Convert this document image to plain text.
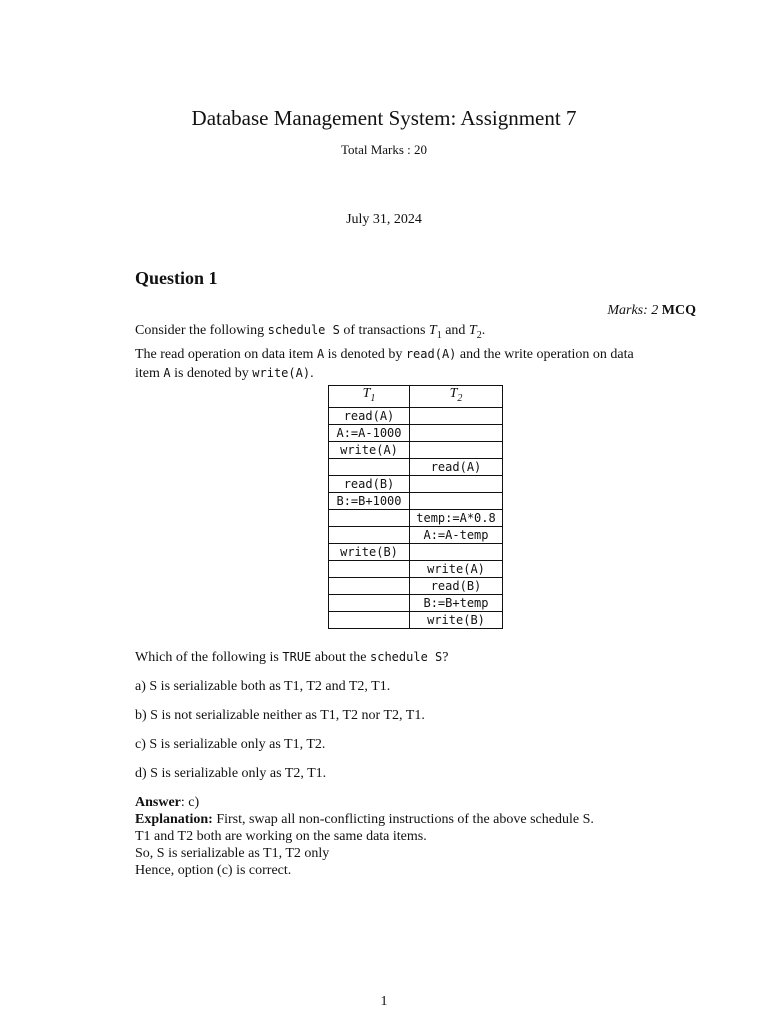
Database Management System: Assignment 7
Total Marks : 20
July 31, 2024
Question 1
Marks: 2 MCQ
Consider the following schedule S of transactions $T_1$ and $T_2$.
The read operation on data item A is denoted by read(A) and the write operation on data
item A is denoted by write(A).
$T_1$	$T_2$
read(A)	
A:=A-1000	
write(A)	
	read(A)
read(B)	
B:=B+1000	
	temp:=A*0.8
	A:=A-temp
write(B)	
	write(A)
	read(B)
	B:=B+temp
	write(B)
Which of the following is TRUE about the schedule S?
a) S is serializable both as T1, T2 and T2, T1.
b) S is not serializable neither as T1, T2 nor T2, T1.
c) S is serializable only as T1, T2.
d) S is serializable only as T2, T1.
Answer: c)
Explanation: First, swap all non-conflicting instructions of the above schedule S.
T1 and T2 both are working on the same data items.
So, S is serializable as T1, T2 only
Hence, option (c) is correct.
1
